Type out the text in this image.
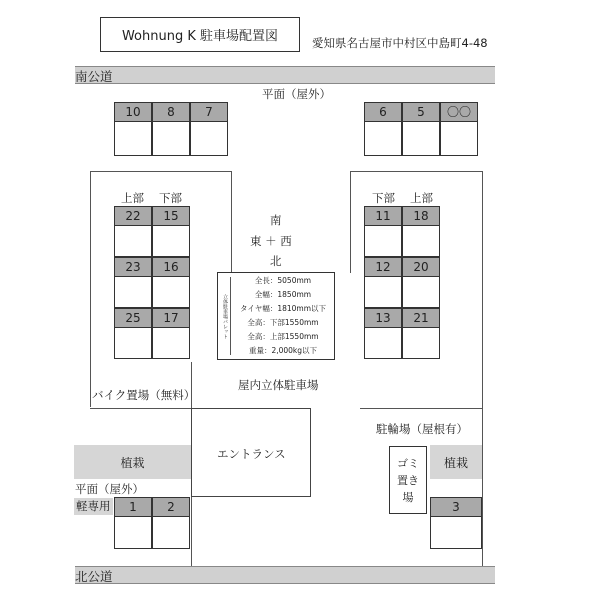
Wohnung K 駐車場配置図	愛知県名古屋市中村区中島町4-48
南公道
平面（屋外）
10	8	7	6	5	〇〇
上部 下部	下部 上部
22	15
23	16
25	17
11	18
12	20
13	21
南
東 ＋ 西
北
立体駐車場パレット
全長：5050mm
全幅：1850mm
タイヤ幅：1810mm以下
全高：下部1550mm
全高：上部1550mm
重量：2,000kg以下
屋内立体駐車場
バイク置場（無料）
エントランス
駐輪場（屋根有）
植栽	植栽
ゴミ
置き
場
平面（屋外）
軽専用	1	2	3
北公道
